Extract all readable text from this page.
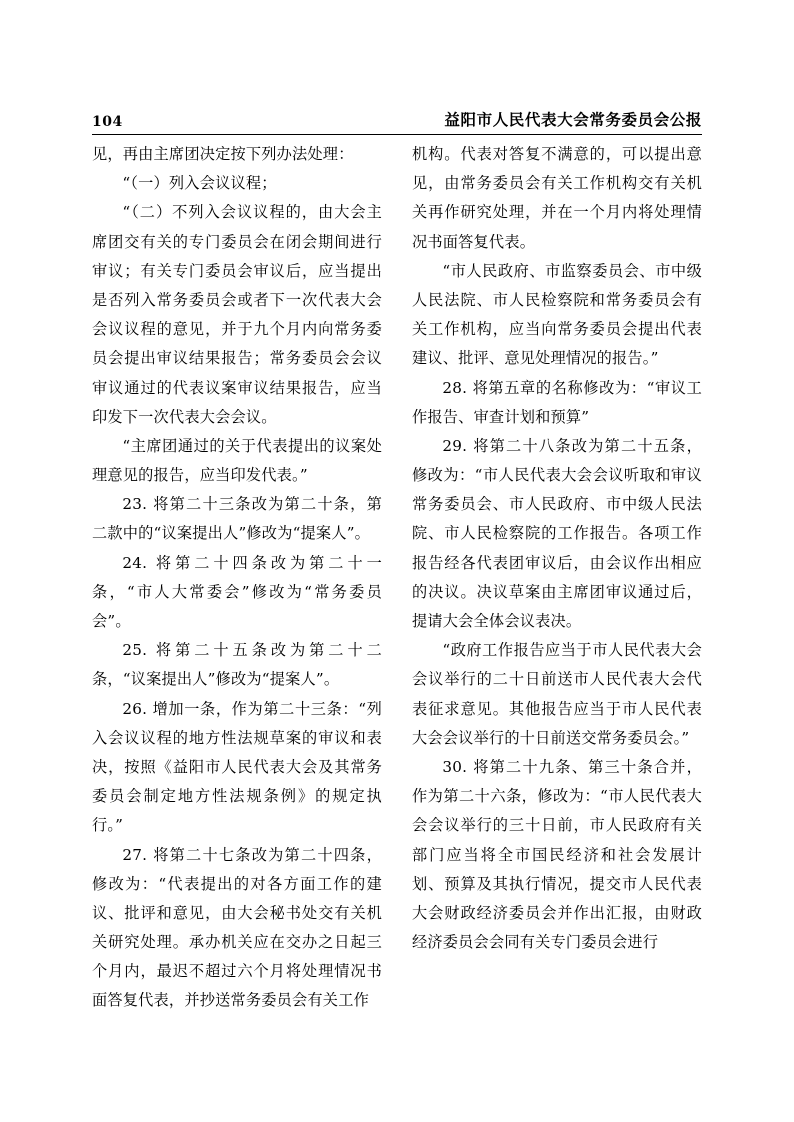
104	益阳市人民代表大会常务委员会公报

见，再由主席团决定按下列办法处理：

“（一）列入会议议程；

“（二）不列入会议议程的，由大会主席团交有关的专门委员会在闭会期间进行审议；有关专门委员会审议后，应当提出是否列入常务委员会或者下一次代表大会会议议程的意见，并于九个月内向常务委员会提出审议结果报告；常务委员会会议审议通过的代表议案审议结果报告，应当印发下一次代表大会会议。

“主席团通过的关于代表提出的议案处理意见的报告，应当印发代表。”

23. 将第二十三条改为第二十条，第二款中的“议案提出人”修改为“提案人”。

24. 将第二十四条改为第二十一条，“市人大常委会”修改为“常务委员会”。

25. 将第二十五条改为第二十二条，“议案提出人”修改为“提案人”。

26. 增加一条，作为第二十三条：“列入会议议程的地方性法规草案的审议和表决，按照《益阳市人民代表大会及其常务委员会制定地方性法规条例》的规定执行。”

27. 将第二十七条改为第二十四条，修改为：“代表提出的对各方面工作的建议、批评和意见，由大会秘书处交有关机关研究处理。承办机关应在交办之日起三个月内，最迟不超过六个月将处理情况书面答复代表，并抄送常务委员会有关工作

机构。代表对答复不满意的，可以提出意见，由常务委员会有关工作机构交有关机关再作研究处理，并在一个月内将处理情况书面答复代表。

“市人民政府、市监察委员会、市中级人民法院、市人民检察院和常务委员会有关工作机构，应当向常务委员会提出代表建议、批评、意见处理情况的报告。”

28. 将第五章的名称修改为：“审议工作报告、审查计划和预算”

29. 将第二十八条改为第二十五条，修改为：“市人民代表大会会议听取和审议常务委员会、市人民政府、市中级人民法院、市人民检察院的工作报告。各项工作报告经各代表团审议后，由会议作出相应的决议。决议草案由主席团审议通过后，提请大会全体会议表决。

“政府工作报告应当于市人民代表大会会议举行的二十日前送市人民代表大会代表征求意见。其他报告应当于市人民代表大会会议举行的十日前送交常务委员会。”

30. 将第二十九条、第三十条合并，作为第二十六条，修改为：“市人民代表大会会议举行的三十日前，市人民政府有关部门应当将全市国民经济和社会发展计划、预算及其执行情况，提交市人民代表大会财政经济委员会并作出汇报，由财政经济委员会会同有关专门委员会进行
